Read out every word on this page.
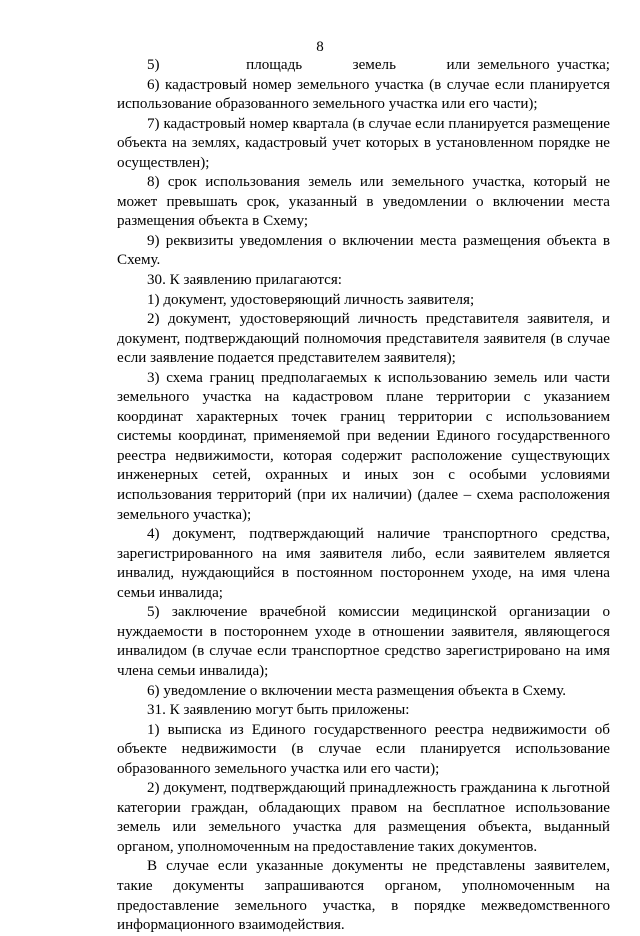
8

5)            площадь       земель       или земельного участка;

6) кадастровый номер земельного участка (в случае если планируется использование образованного земельного участка или его части);

7) кадастровый номер квартала (в случае если планируется размещение объекта на землях, кадастровый учет которых в установленном порядке не осуществлен);

8) срок использования земель или земельного участка, который не может превышать срок, указанный в уведомлении о включении места размещения объекта в Схему;

9) реквизиты уведомления о включении места размещения объекта в Схему.

30. К заявлению прилагаются:

1) документ, удостоверяющий личность заявителя;

2) документ, удостоверяющий личность представителя заявителя, и документ, подтверждающий полномочия представителя заявителя (в случае если заявление подается представителем заявителя);

3) схема границ предполагаемых к использованию земель или части земельного участка на кадастровом плане территории с указанием координат характерных точек границ территории с использованием системы координат, применяемой при ведении Единого государственного реестра недвижимости, которая содержит расположение существующих инженерных сетей, охранных и иных зон с особыми условиями использования территорий (при их наличии) (далее – схема расположения земельного участка);

4) документ, подтверждающий наличие транспортного средства, зарегистрированного на имя заявителя либо, если заявителем является инвалид, нуждающийся в постоянном постороннем уходе, на имя члена семьи инвалида;

5) заключение врачебной комиссии медицинской организации о нуждаемости в постороннем уходе в отношении заявителя, являющегося инвалидом (в случае если транспортное средство зарегистрировано на имя члена семьи инвалида);

6) уведомление о включении места размещения объекта в Схему.

31. К заявлению могут быть приложены:

1) выписка из Единого государственного реестра недвижимости об объекте недвижимости (в случае если планируется использование образованного земельного участка или его части);

2) документ, подтверждающий принадлежность гражданина к льготной категории граждан, обладающих правом на бесплатное использование земель или земельного участка для размещения объекта, выданный органом, уполномоченным на предоставление таких документов.

В случае если указанные документы не представлены заявителем, такие документы запрашиваются органом, уполномоченным на предоставление земельного участка, в порядке межведомственного информационного взаимодействия.
